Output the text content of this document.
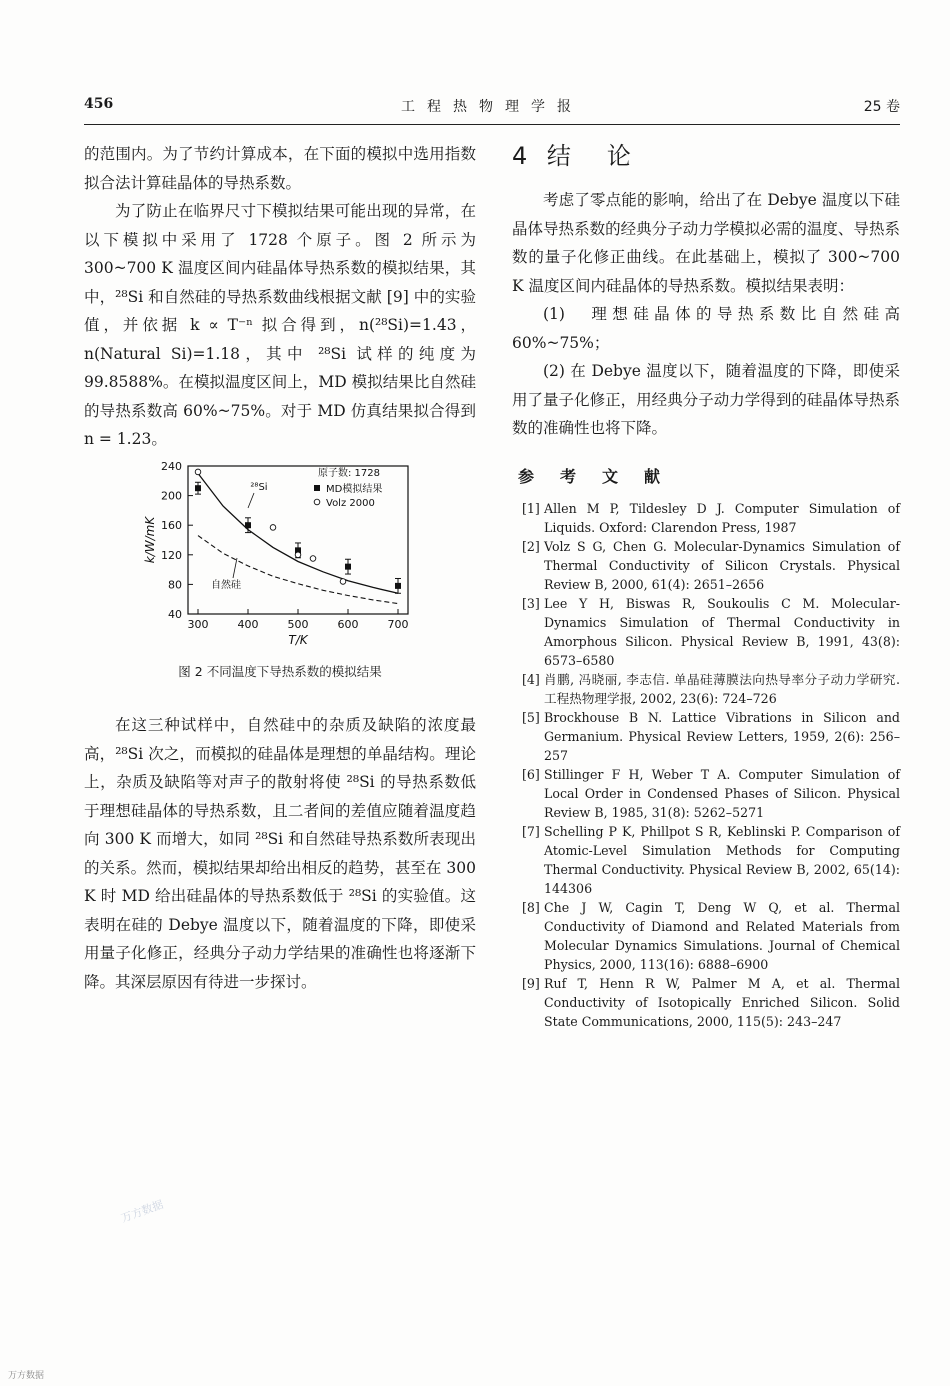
456	工程热物理学报	25 卷

的范围内。为了节约计算成本，在下面的模拟中选用指数拟合法计算硅晶体的导热系数。

为了防止在临界尺寸下模拟结果可能出现的异常，在以下模拟中采用了 1728 个原子。图 2 所示为 300~700 K 温度区间内硅晶体导热系数的模拟结果，其中，²⁸Si 和自然硅的导热系数曲线根据文献 [9] 中的实验值，并依据 k ∝ T⁻ⁿ 拟合得到，n(²⁸Si)=1.43，n(Natural Si)=1.18，其中 ²⁸Si 试样的纯度为 99.8588%。在模拟温度区间上，MD 模拟结果比自然硅的导热系数高 60%~75%。对于 MD 仿真结果拟合得到 n = 1.23。

300	400	500	600	700
40
80
120
160
200
240
T/K
k/W/mK
²⁸Si
自然硅
原子数: 1728
MD模拟结果
Volz 2000
图 2 不同温度下导热系数的模拟结果

在这三种试样中，自然硅中的杂质及缺陷的浓度最高，²⁸Si 次之，而模拟的硅晶体是理想的单晶结构。理论上，杂质及缺陷等对声子的散射将使 ²⁸Si 的导热系数低于理想硅晶体的导热系数，且二者间的差值应随着温度趋向 300 K 而增大，如同 ²⁸Si 和自然硅导热系数所表现出的关系。然而，模拟结果却给出相反的趋势，甚至在 300 K 时 MD 给出硅晶体的导热系数低于 ²⁸Si 的实验值。这表明在硅的 Debye 温度以下，随着温度的下降，即使采用量子化修正，经典分子动力学结果的准确性也将逐渐下降。其深层原因有待进一步探讨。

4 结　论

考虑了零点能的影响，给出了在 Debye 温度以下硅晶体导热系数的经典分子动力学模拟必需的温度、导热系数的量子化修正曲线。在此基础上，模拟了 300~700 K 温度区间内硅晶体的导热系数。模拟结果表明：

(1)　理想硅晶体的导热系数比自然硅高 60%~75%；

(2) 在 Debye 温度以下，随着温度的下降，即使采用了量子化修正，用经典分子动力学得到的硅晶体导热系数的准确性也将下降。

参考文献

[1] Allen M P, Tildesley D J. Computer Simulation of Liquids. Oxford: Clarendon Press, 1987
[2] Volz S G, Chen G. Molecular-Dynamics Simulation of Thermal Conductivity of Silicon Crystals. Physical Review B, 2000, 61(4): 2651–2656
[3] Lee Y H, Biswas R, Soukoulis C M. Molecular-Dynamics Simulation of Thermal Conductivity in Amorphous Silicon. Physical Review B, 1991, 43(8): 6573–6580
[4] 肖鹏, 冯晓丽, 李志信. 单晶硅薄膜法向热导率分子动力学研究. 工程热物理学报, 2002, 23(6): 724–726
[5] Brockhouse B N. Lattice Vibrations in Silicon and Germanium. Physical Review Letters, 1959, 2(6): 256–257
[6] Stillinger F H, Weber T A. Computer Simulation of Local Order in Condensed Phases of Silicon. Physical Review B, 1985, 31(8): 5262–5271
[7] Schelling P K, Phillpot S R, Keblinski P. Comparison of Atomic-Level Simulation Methods for Computing Thermal Conductivity. Physical Review B, 2002, 65(14): 144306
[8] Che J W, Cagin T, Deng W Q, et al. Thermal Conductivity of Diamond and Related Materials from Molecular Dynamics Simulations. Journal of Chemical Physics, 2000, 113(16): 6888–6900
[9] Ruf T, Henn R W, Palmer M A, et al. Thermal Conductivity of Isotopically Enriched Silicon. Solid State Communications, 2000, 115(5): 243–247
万方数据
万方数据
